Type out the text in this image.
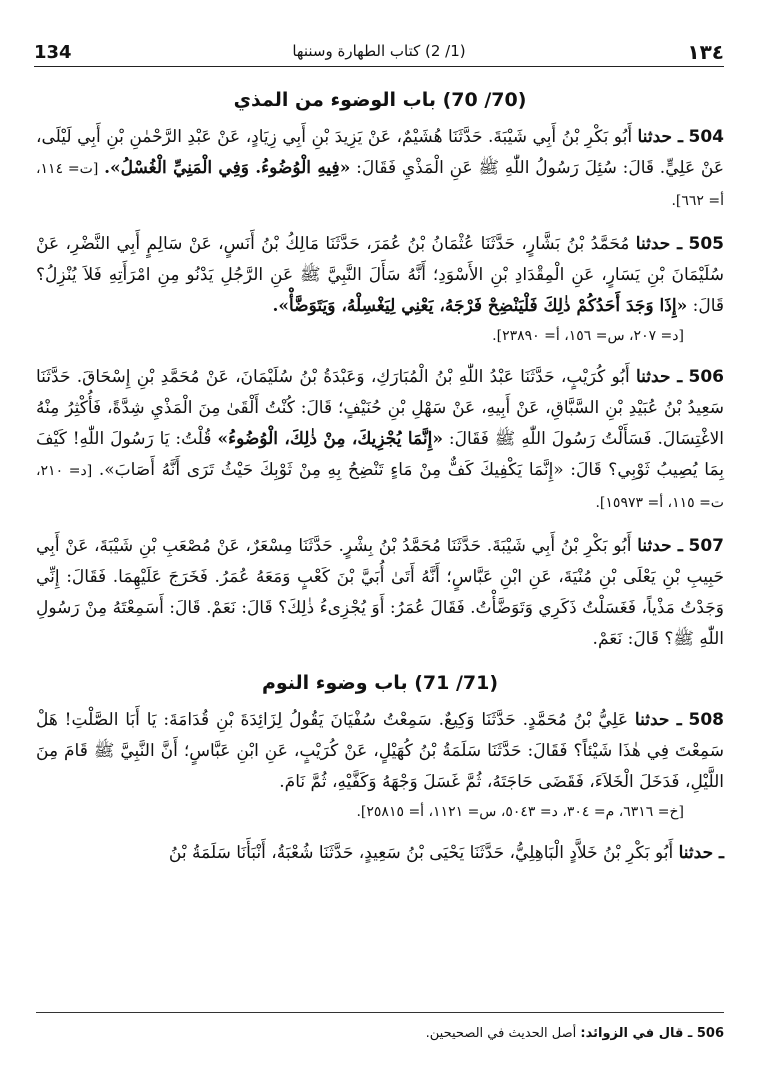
134	(1/ 2) كتاب الطهارة وسننها	١٣٤
(70/ 70) باب الوضوء من المذي

504 ـ حدثنا أَبُو بَكْرِ بْنُ أَبِي شَيْبَةَ. حَدَّثَنَا هُشَيْمٌ، عَنْ يَزِيدَ بْنِ أَبِي زِيَادٍ، عَنْ عَبْدِ الرَّحْمٰنِ بْنِ أَبِي لَيْلَى، عَنْ عَلِيٍّ. قَالَ: سُئِلَ رَسُولُ اللّٰهِ ﷺ عَنِ الْمَذْيِ فَقَالَ: «فِيهِ الْوُضُوءُ. وَفِي الْمَنِيِّ الْغُسْلُ». [ت= ١١٤، أ= ٦٦٢].

505 ـ حدثنا مُحَمَّدُ بْنُ بَشَّارٍ، حَدَّثَنَا عُثْمَانُ بْنُ عُمَرَ، حَدَّثَنَا مَالِكُ بْنُ أَنَسٍ، عَنْ سَالِمٍ أَبِي النَّضْرِ، عَنْ سُلَيْمَانَ بْنِ يَسَارٍ، عَنِ الْمِقْدَادِ بْنِ الأَسْوَدِ؛ أَنَّهُ سَأَلَ النَّبِيَّ ﷺ عَنِ الرَّجُلِ يَدْنُو مِنِ امْرَأَتِهِ فَلاَ يُنْزِلُ؟ قَالَ: «إِذَا وَجَدَ أَحَدُكُمْ ذٰلِكَ فَلْيَنْضِحْ فَرْجَهُ، يَعْنِي لِيَغْسِلْهُ، وَيَتَوَضَّأْ».
[د= ٢٠٧، س= ١٥٦، أ= ٢٣٨٩٠].

506 ـ حدثنا أَبُو كُرَيْبٍ، حَدَّثَنَا عَبْدُ اللّٰهِ بْنُ الْمُبَارَكِ، وَعَبْدَةُ بْنُ سُلَيْمَانَ، عَنْ مُحَمَّدِ بْنِ إِسْحَاقَ. حَدَّثَنَا سَعِيدُ بْنُ عُبَيْدِ بْنِ السَّبَّاقِ، عَنْ أَبِيهِ، عَنْ سَهْلِ بْنِ حُنَيْفٍ؛ قَالَ: كُنْتُ أَلْقَىٰ مِنَ الْمَذْيِ شِدَّةً، فَأُكْثِرُ مِنْهُ الاغْتِسَالَ. فَسَأَلْتُ رَسُولَ اللّٰهِ ﷺ فَقَالَ: «إِنَّمَا يُجْزِيكَ، مِنْ ذٰلِكَ، الْوُضُوءُ» قُلْتُ: يَا رَسُولَ اللّٰهِ! كَيْفَ بِمَا يُصِيبُ ثَوْبِي؟ قَالَ: «إِنَّمَا يَكْفِيكَ كَفٌّ مِنْ مَاءٍ تَنْضِحُ بِهِ مِنْ ثَوْبِكَ حَيْثُ تَرَى أَنَّهُ أَصَابَ». [د= ٢١٠، ت= ١١٥، أ= ١٥٩٧٣].

507 ـ حدثنا أَبُو بَكْرِ بْنُ أَبِي شَيْبَةَ. حَدَّثَنَا مُحَمَّدُ بْنُ بِشْرٍ. حَدَّثَنَا مِسْعَرٌ، عَنْ مُصْعَبِ بْنِ شَيْبَةَ، عَنْ أَبِي حَبِيبِ بْنِ يَعْلَى بْنِ مُنْيَةَ، عَنِ ابْنِ عَبَّاسٍ؛ أَنَّهُ أَتَىٰ أُبَيَّ بْنَ كَعْبٍ وَمَعَهُ عُمَرُ. فَخَرَجَ عَلَيْهِمَا. فَقَالَ: إِنِّي وَجَدْتُ مَذْياً، فَغَسَلْتُ ذَكَرِي وَتَوَضَّأْتُ. فَقَالَ عُمَرُ: أَوَ يُجْزِىءُ ذٰلِكَ؟ قَالَ: نَعَمْ. قَالَ: أَسَمِعْتَهُ مِنْ رَسُولِ اللّٰهِ ﷺ؟ قَالَ: نَعَمْ.

(71/ 71) باب وضوء النوم

508 ـ حدثنا عَلِيُّ بْنُ مُحَمَّدٍ. حَدَّثَنَا وَكِيعٌ. سَمِعْتُ سُفْيَانَ يَقُولُ لِزَائِدَةَ بْنِ قُدَامَةَ: يَا أَبَا الصَّلْتِ! هَلْ سَمِعْتَ فِي هٰذَا شَيْئاً؟ فَقَالَ: حَدَّثَنَا سَلَمَةُ بْنُ كُهَيْلٍ، عَنْ كُرَيْبٍ، عَنِ ابْنِ عَبَّاسٍ؛ أَنَّ النَّبِيَّ ﷺ قَامَ مِنَ اللَّيْلِ، فَدَخَلَ الْخَلاَءَ، فَقَضَى حَاجَتَهُ، ثُمَّ غَسَلَ وَجْهَهُ وَكَفَّيْهِ، ثُمَّ نَامَ.
[خ= ٦٣١٦، م= ٣٠٤، د= ٥٠٤٣، س= ١١٢١، أ= ٢٥٨١٥].

ـ حدثنا أَبُو بَكْرِ بْنُ خَلاَّدٍ الْبَاهِلِيُّ، حَدَّثَنَا يَحْيَى بْنُ سَعِيدٍ، حَدَّثَنَا شُعْبَةُ، أَنْبَأَنَا سَلَمَةُ بْنُ

506 ـ قال في الزوائد: أصل الحديث في الصحيحين.
